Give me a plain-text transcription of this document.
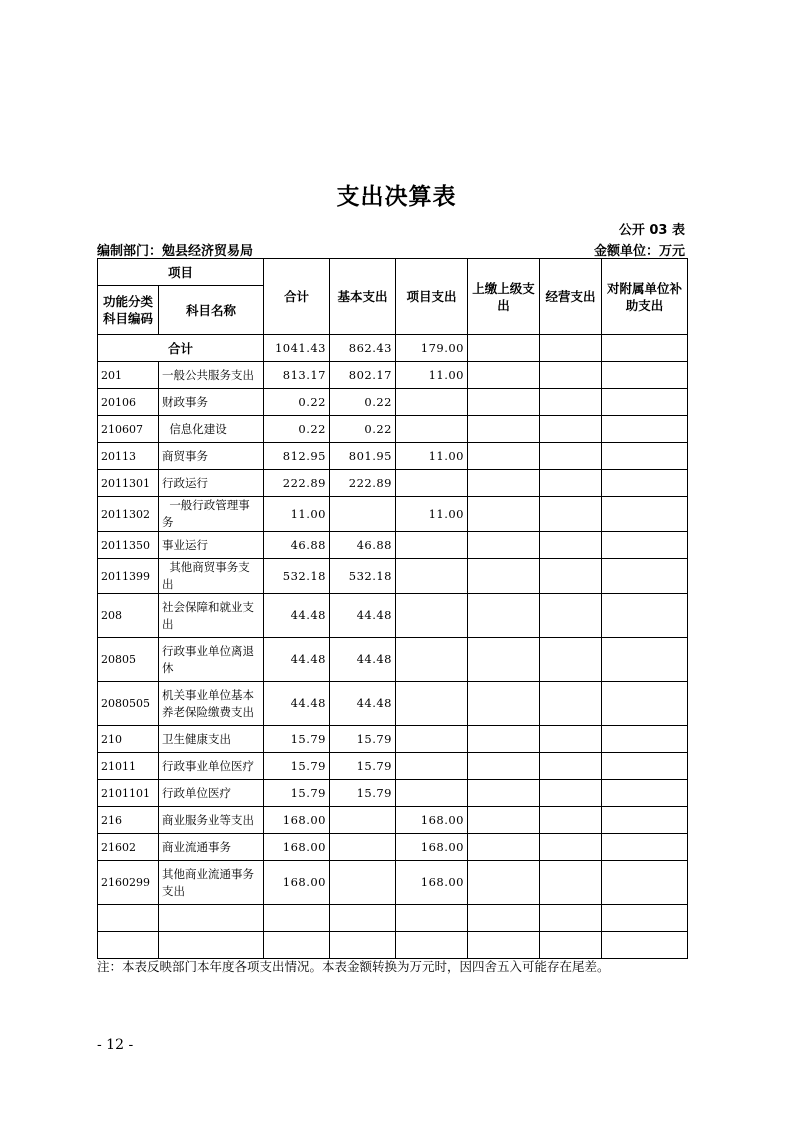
支出决算表
公开 03 表
编制部门：勉县经济贸易局	金额单位：万元
项目		合计	基本支出	项目支出	上缴上级支出	经营支出	对附属单位补助支出
功能分类科目编码	科目名称						
合计		1041.43	862.43	179.00			
201	一般公共服务支出	813.17	802.17	11.00			
20106	财政事务	0.22	0.22				
210607	信息化建设	0.22	0.22				
20113	商贸事务	812.95	801.95	11.00			
2011301	行政运行	222.89	222.89				
2011302	一般行政管理事务	11.00		11.00			
2011350	事业运行	46.88	46.88				
2011399	其他商贸事务支出	532.18	532.18				
208	社会保障和就业支出	44.48	44.48				
20805	行政事业单位离退休	44.48	44.48				
2080505	机关事业单位基本养老保险缴费支出	44.48	44.48				
210	卫生健康支出	15.79	15.79				
21011	行政事业单位医疗	15.79	15.79				
2101101	行政单位医疗	15.79	15.79				
216	商业服务业等支出	168.00		168.00			
21602	商业流通事务	168.00		168.00			
2160299	其他商业流通事务支出	168.00		168.00			

注：本表反映部门本年度各项支出情况。本表金额转换为万元时，因四舍五入可能存在尾差。
- 12 -
